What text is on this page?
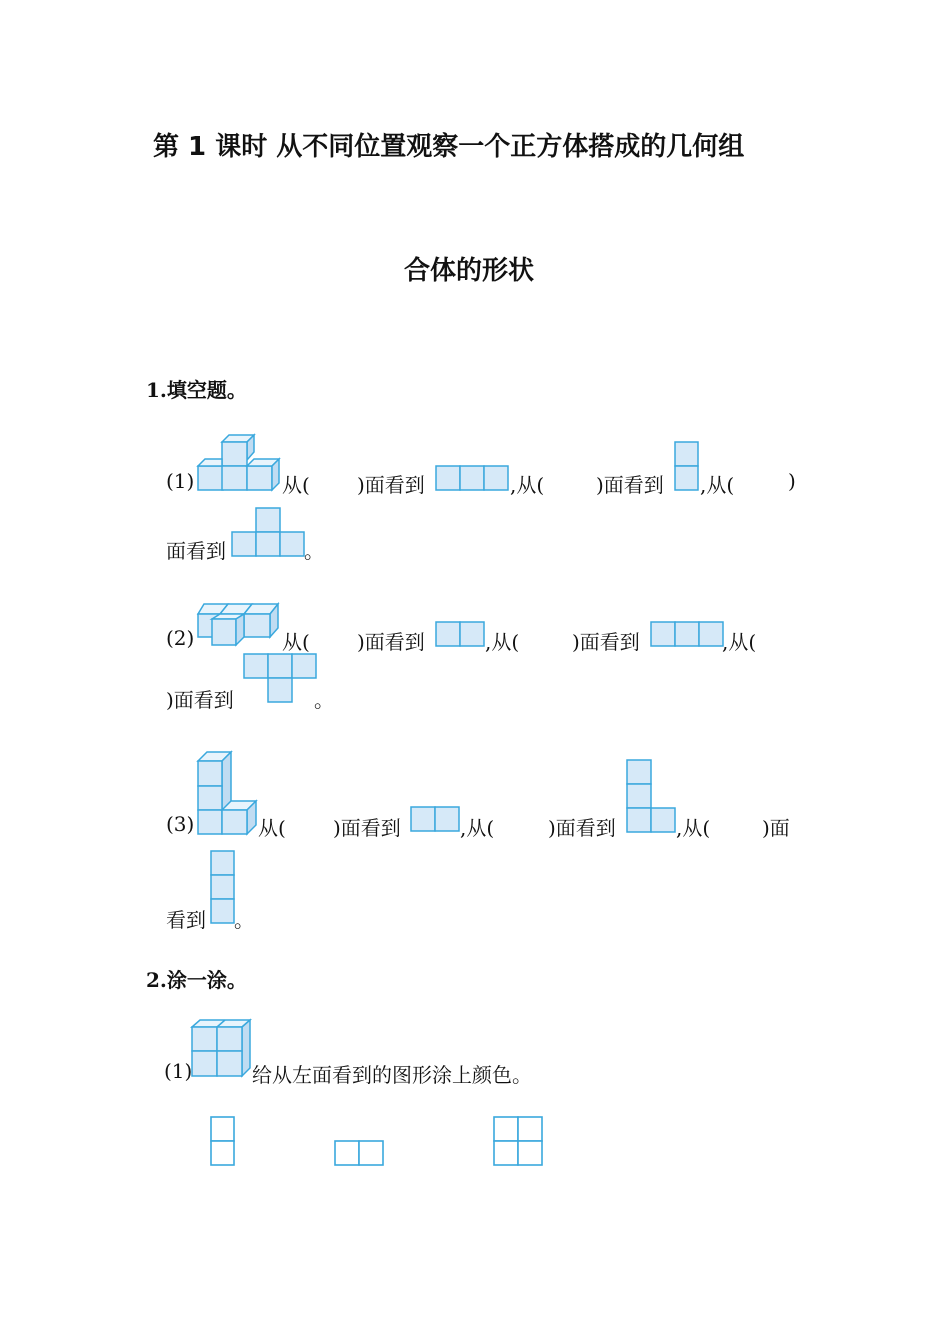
第 1 课时 从不同位置观察一个正方体搭成的几何组
合体的形状
1.填空题。
(1)	从( )面看到	,从(	)面看到 ,从(	)
面看到	。
(2)	从( )面看到	,从(	)面看到	,从(
)面看到	。
(3)	从( )面看到	,从(	)面看到	,从(	)面
看到 。
2.涂一涂。
(1)	给从左面看到的图形涂上颜色。
